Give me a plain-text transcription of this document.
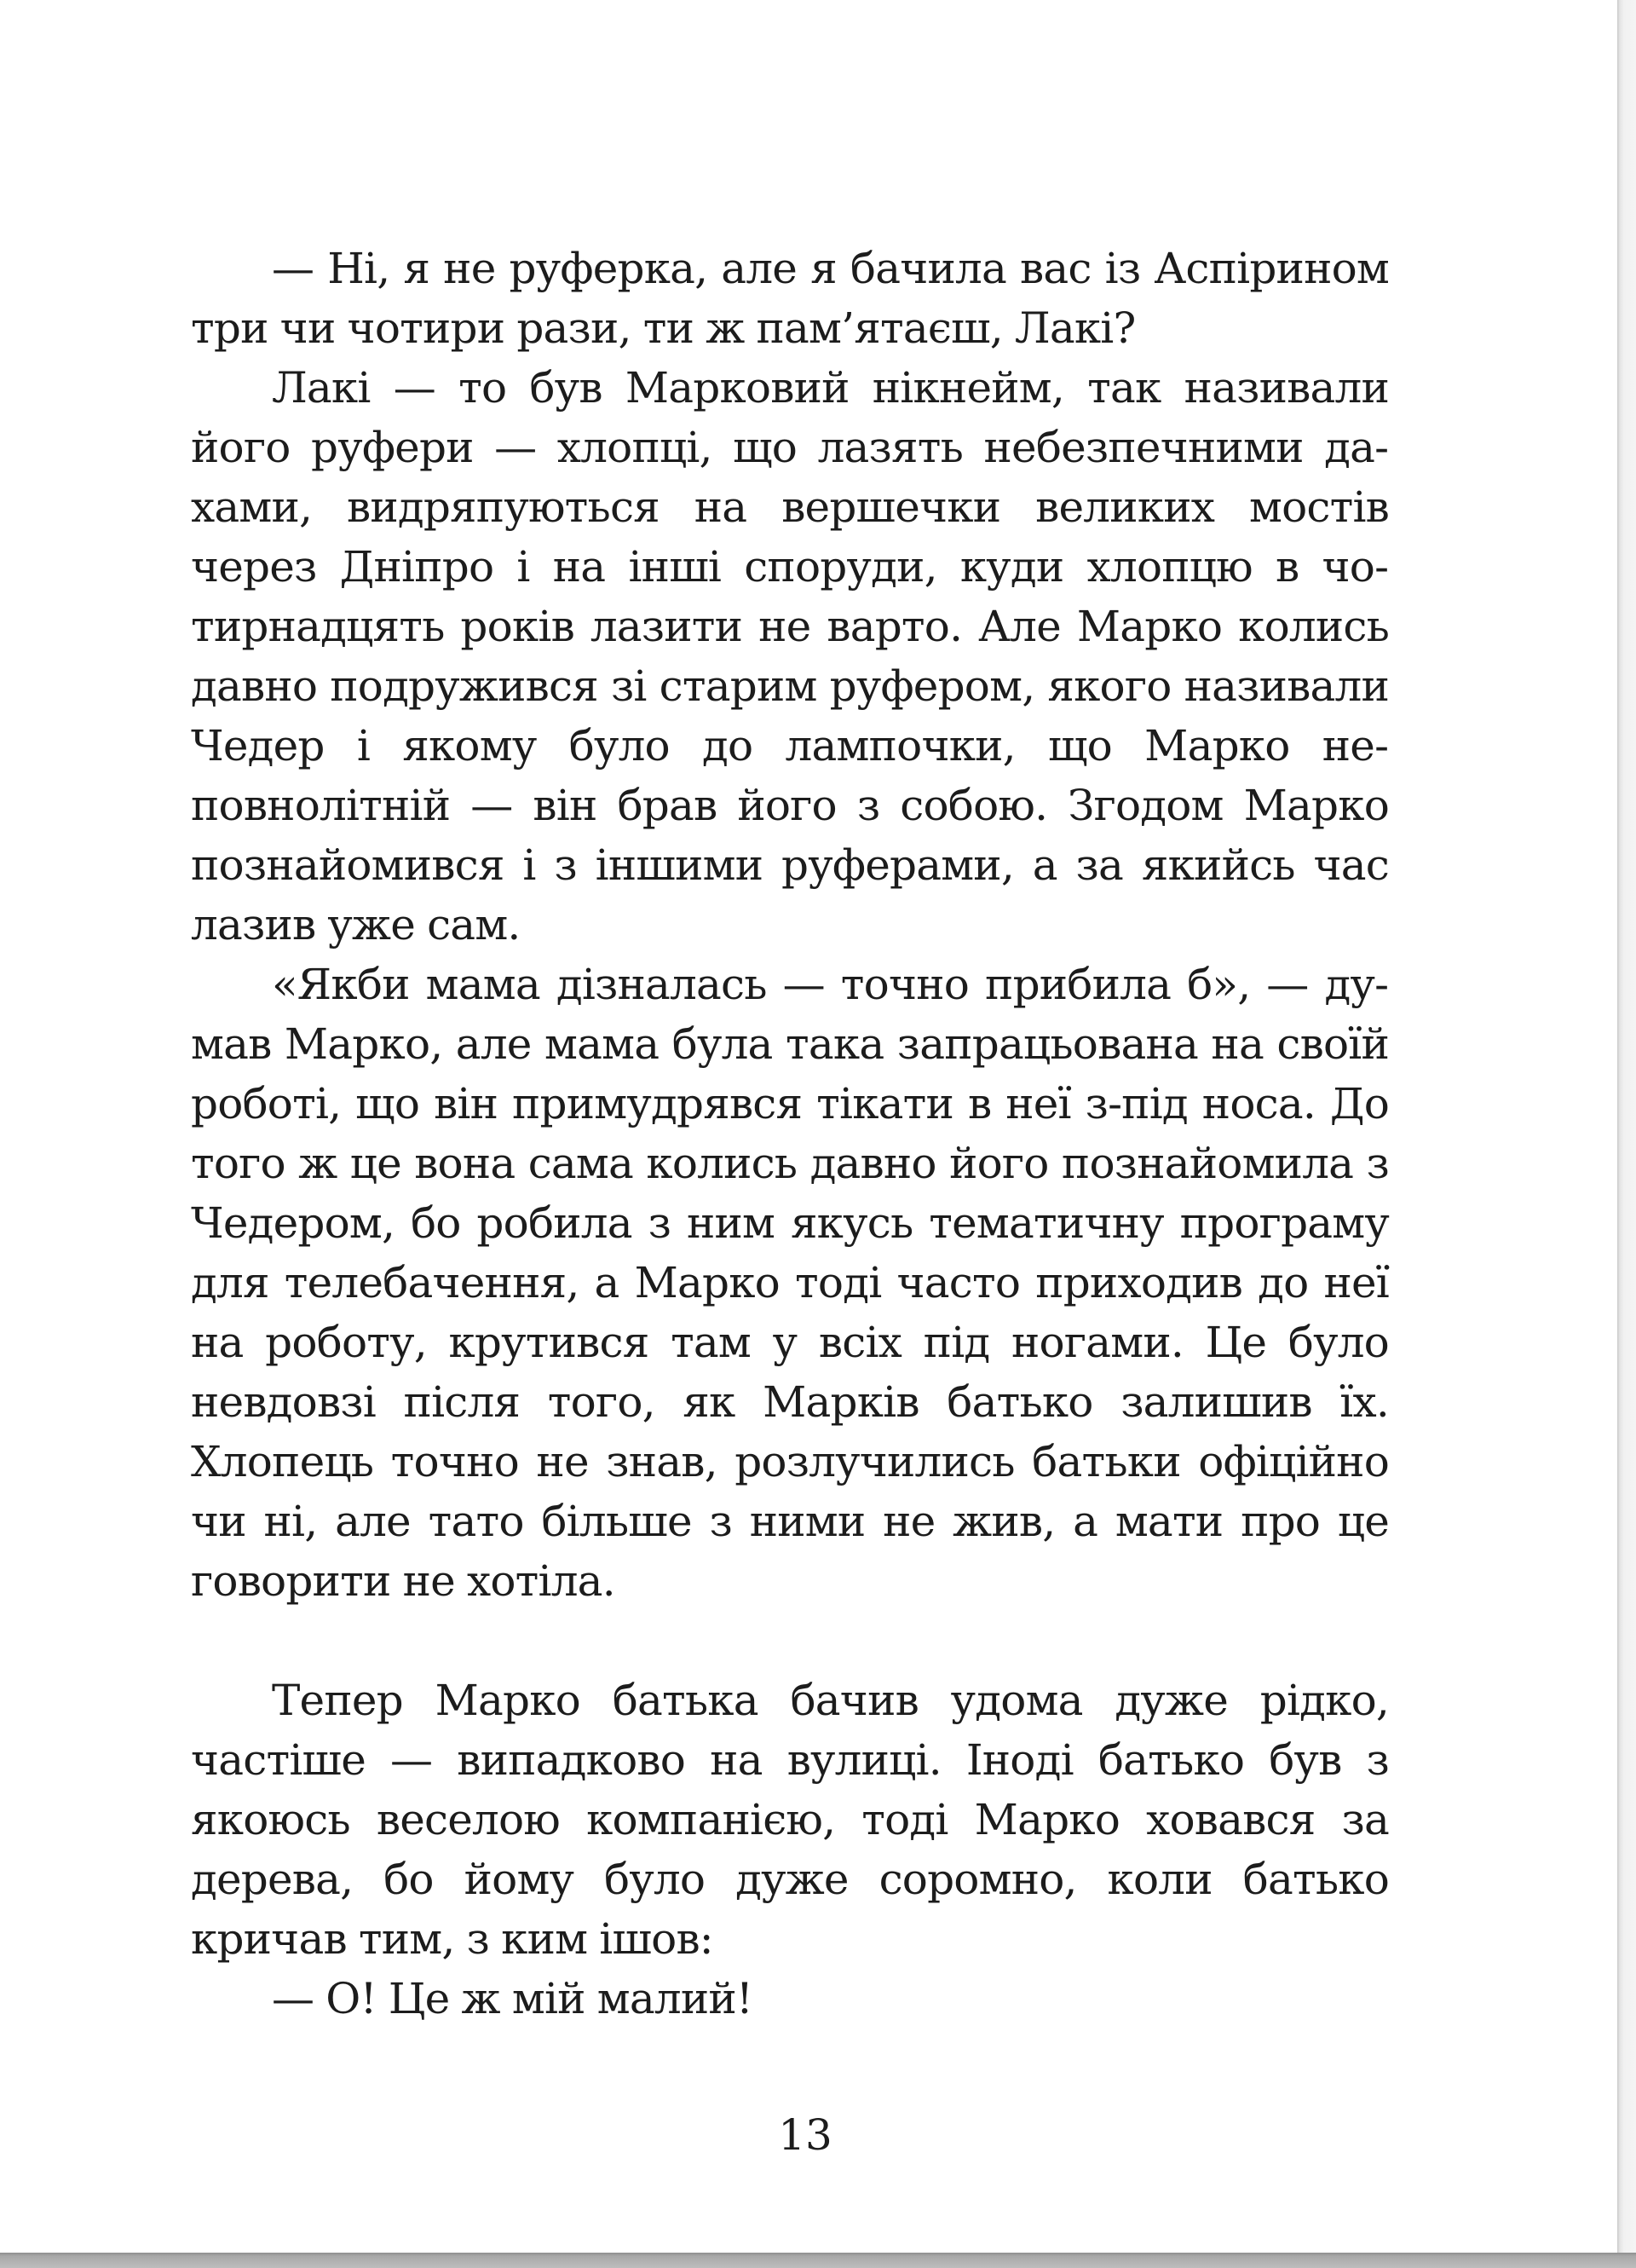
— Ні, я не руферка, але я бачила вас із Аспірином три чи чотири рази, ти ж пам’ятаєш, Лакі?

Лакі — то був Марковий нікнейм, так називали його руфери — хлопці, що лазять небезпечними дахами, видряпуються на вершечки великих мостів через Дніпро і на інші споруди, куди хлопцю в чотирнадцять років лазити не варто. Але Марко колись давно подружився зі старим руфером, якого називали Чедер і якому було до лампочки, що Марко неповнолітній — він брав його з собою. Згодом Марко познайомився і з іншими руферами, а за якийсь час лазив уже сам.

«Якби мама дізналась — точно прибила б», — думав Марко, але мама була така запрацьована на своїй роботі, що він примудрявся тікати в неї з-під носа. До того ж це вона сама колись давно його познайомила з Чедером, бо робила з ним якусь тематичну програму для телебачення, а Марко тоді часто приходив до неї на роботу, крутився там у всіх під ногами. Це було невдовзі після того, як Марків батько залишив їх. Хлопець точно не знав, розлучились батьки офіційно чи ні, але тато більше з ними не жив, а мати про це говорити не хотіла.

Тепер Марко батька бачив удома дуже рідко, частіше — випадково на вулиці. Іноді батько був з якоюсь веселою компанією, тоді Марко ховався за дерева, бо йому було дуже соромно, коли батько кричав тим, з ким ішов:

— О! Це ж мій малий!

13
